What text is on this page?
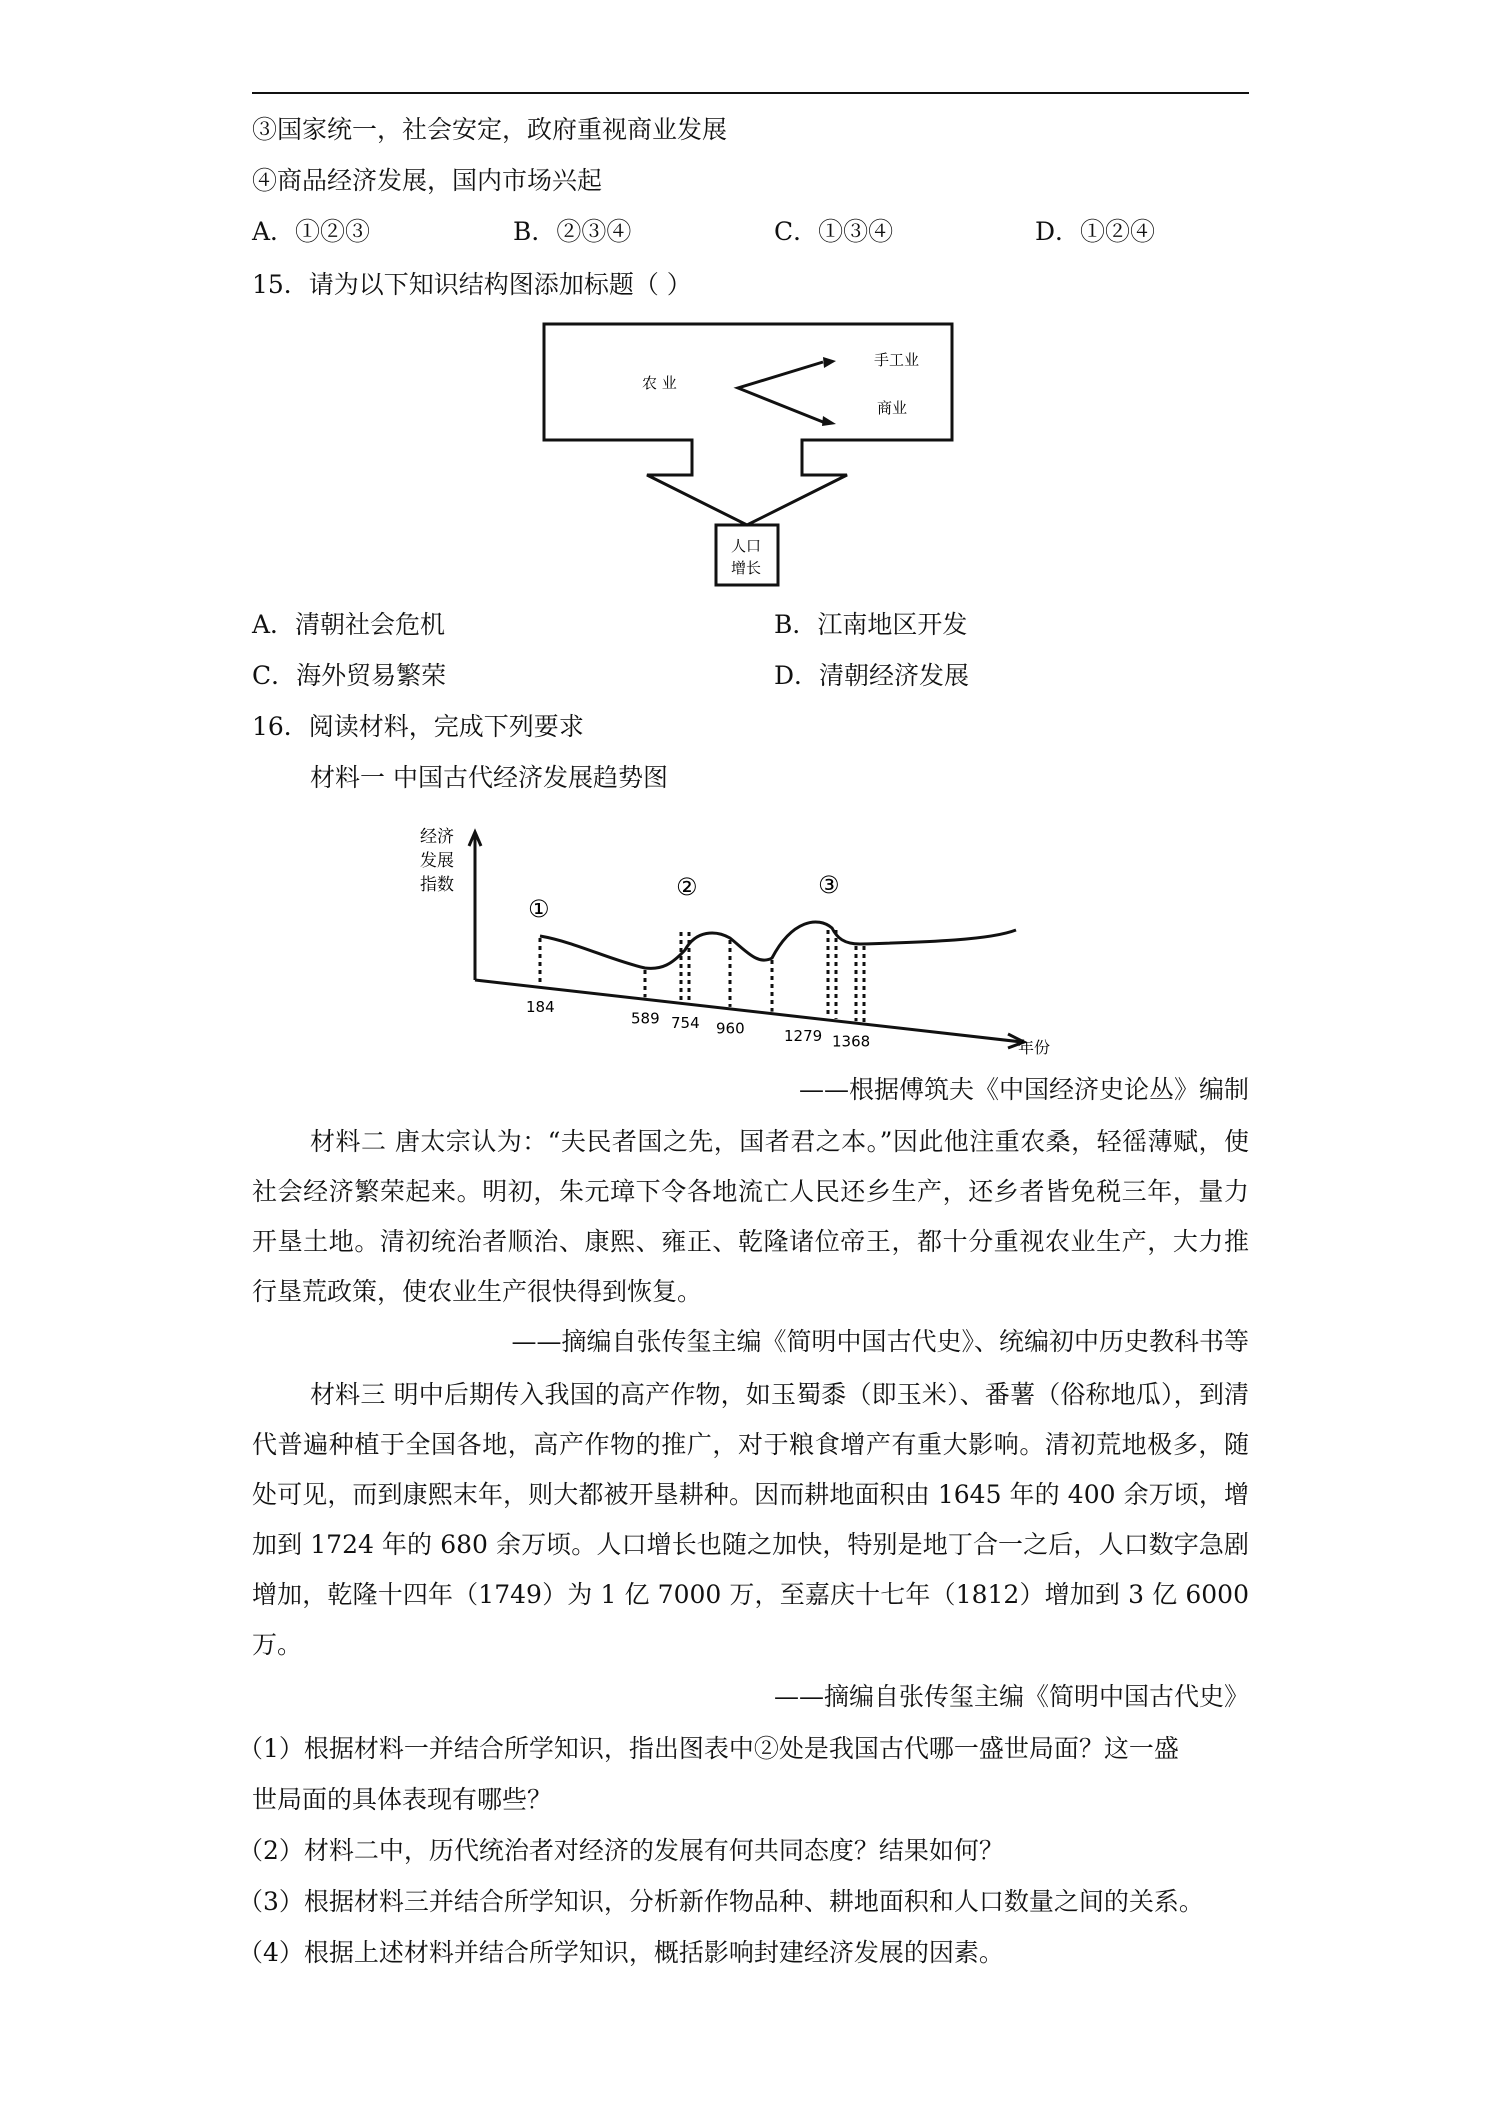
③国家统一，社会安定，政府重视商业发展
④商品经济发展，国内市场兴起
A．①②③	B．②③④	C．①③④	D．①②④
15．请为以下知识结构图添加标题（ ）
农 业
手工业
商业
人口
增长
A．清朝社会危机	B．江南地区开发
C．海外贸易繁荣	D．清朝经济发展
16．阅读材料，完成下列要求
材料一 中国古代经济发展趋势图
经济
发展
指数
184
589 754 960	1279 1368
①
②	③
年份
——根据傅筑夫《中国经济史论丛》编制
材料二 唐太宗认为：“夫民者国之先，国者君之本。”因此他注重农桑，轻徭薄赋，使社会经济繁荣起来。明初，朱元璋下令各地流亡人民还乡生产，还乡者皆免税三年，量力开垦土地。清初统治者顺治、康熙、雍正、乾隆诸位帝王，都十分重视农业生产，大力推行垦荒政策，使农业生产很快得到恢复。
——摘编自张传玺主编《简明中国古代史》、统编初中历史教科书等
材料三 明中后期传入我国的高产作物，如玉蜀黍（即玉米）、番薯（俗称地瓜），到清代普遍种植于全国各地，高产作物的推广，对于粮食增产有重大影响。清初荒地极多，随处可见，而到康熙末年，则大都被开垦耕种。因而耕地面积由 1645 年的 400 余万顷，增加到 1724 年的 680 余万顷。人口增长也随之加快，特别是地丁合一之后，人口数字急剧增加，乾隆十四年（1749）为 1 亿 7000 万，至嘉庆十七年（1812）增加到 3 亿 6000 万。
——摘编自张传玺主编《简明中国古代史》
（1）根据材料一并结合所学知识，指出图表中②处是我国古代哪一盛世局面？这一盛
世局面的具体表现有哪些？
（2）材料二中，历代统治者对经济的发展有何共同态度？结果如何？
（3）根据材料三并结合所学知识，分析新作物品种、耕地面积和人口数量之间的关系。
（4）根据上述材料并结合所学知识，概括影响封建经济发展的因素。
